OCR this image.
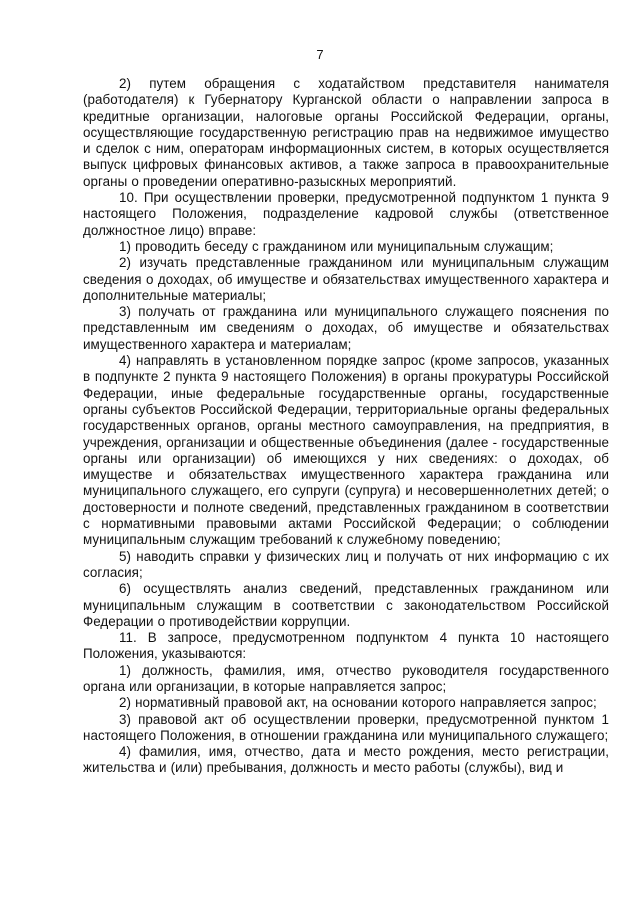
7

2) путем обращения с ходатайством представителя нанимателя (работодателя) к Губернатору Курганской области о направлении запроса в кредитные организации, налоговые органы Российской Федерации, органы, осуществляющие государственную регистрацию прав на недвижимое имущество и сделок с ним, операторам информационных систем, в которых осуществляется выпуск цифровых финансовых активов, а также запроса в правоохранительные органы о проведении оперативно-разыскных мероприятий.

10. При осуществлении проверки, предусмотренной подпунктом 1 пункта 9 настоящего Положения, подразделение кадровой службы (ответственное должностное лицо) вправе:

1) проводить беседу с гражданином или муниципальным служащим;

2) изучать представленные гражданином или муниципальным служащим сведения о доходах, об имуществе и обязательствах имущественного характера и дополнительные материалы;

3) получать от гражданина или муниципального служащего пояснения по представленным им сведениям о доходах, об имуществе и обязательствах имущественного характера и материалам;

4) направлять в установленном порядке запрос (кроме запросов, указанных в подпункте 2 пункта 9 настоящего Положения) в органы прокуратуры Российской Федерации, иные федеральные государственные органы, государственные органы субъектов Российской Федерации, территориальные органы федеральных государственных органов, органы местного самоуправления, на предприятия, в учреждения, организации и общественные объединения (далее - государственные органы или организации) об имеющихся у них сведениях: о доходах, об имуществе и обязательствах имущественного характера гражданина или муниципального служащего, его супруги (супруга) и несовершеннолетних детей; о достоверности и полноте сведений, представленных гражданином в соответствии с нормативными правовыми актами Российской Федерации; о соблюдении муниципальным служащим требований к служебному поведению;

5) наводить справки у физических лиц и получать от них информацию с их согласия;

6) осуществлять анализ сведений, представленных гражданином или муниципальным служащим в соответствии с законодательством Российской Федерации о противодействии коррупции.

11. В запросе, предусмотренном подпунктом 4 пункта 10 настоящего Положения, указываются:

1) должность, фамилия, имя, отчество руководителя государственного органа или организации, в которые направляется запрос;

2) нормативный правовой акт, на основании которого направляется запрос;

3) правовой акт об осуществлении проверки, предусмотренной пунктом 1 настоящего Положения, в отношении гражданина или муниципального служащего;

4) фамилия, имя, отчество, дата и место рождения, место регистрации, жительства и (или) пребывания, должность и место работы (службы), вид и
